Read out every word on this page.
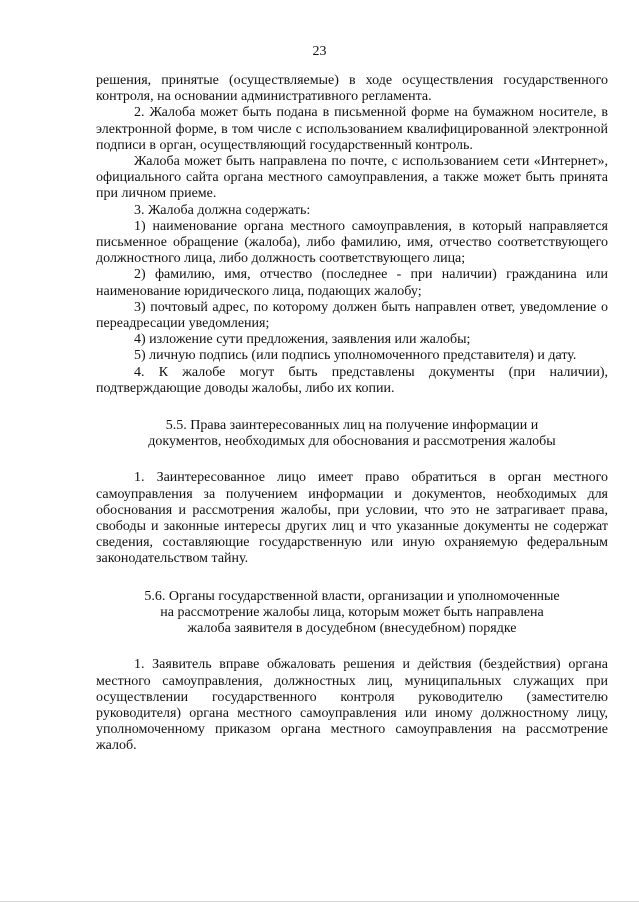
23

решения, принятые (осуществляемые) в ходе осуществления государственного контроля, на основании административного регламента.

2. Жалоба может быть подана в письменной форме на бумажном носителе, в электронной форме, в том числе с использованием квалифицированной электронной подписи в орган, осуществляющий государственный контроль.

Жалоба может быть направлена по почте, с использованием сети «Интернет», официального сайта органа местного самоуправления, а также может быть принята при личном приеме.

3. Жалоба должна содержать:

1) наименование органа местного самоуправления, в который направляется письменное обращение (жалоба), либо фамилию, имя, отчество соответствующего должностного лица, либо должность соответствующего лица;

2) фамилию, имя, отчество (последнее - при наличии) гражданина или наименование юридического лица, подающих жалобу;

3) почтовый адрес, по которому должен быть направлен ответ, уведомление о переадресации уведомления;

4) изложение сути предложения, заявления или жалобы;

5) личную подпись (или подпись уполномоченного представителя) и дату.

4. К жалобе могут быть представлены документы (при наличии), подтверждающие доводы жалобы, либо их копии.

5.5. Права заинтересованных лиц на получение информации и

документов, необходимых для обоснования и рассмотрения жалобы

1. Заинтересованное лицо имеет право обратиться в орган местного самоуправления за получением информации и документов, необходимых для обоснования и рассмотрения жалобы, при условии, что это не затрагивает права, свободы и законные интересы других лиц и что указанные документы не содержат сведения, составляющие государственную или иную охраняемую федеральным законодательством тайну.

5.6. Органы государственной власти, организации и уполномоченные

на рассмотрение жалобы лица, которым может быть направлена

жалоба заявителя в досудебном (внесудебном) порядке

1. Заявитель вправе обжаловать решения и действия (бездействия) органа местного самоуправления, должностных лиц, муниципальных служащих при осуществлении государственного контроля руководителю (заместителю руководителя) органа местного самоуправления или иному должностному лицу, уполномоченному приказом органа местного самоуправления на рассмотрение жалоб.
